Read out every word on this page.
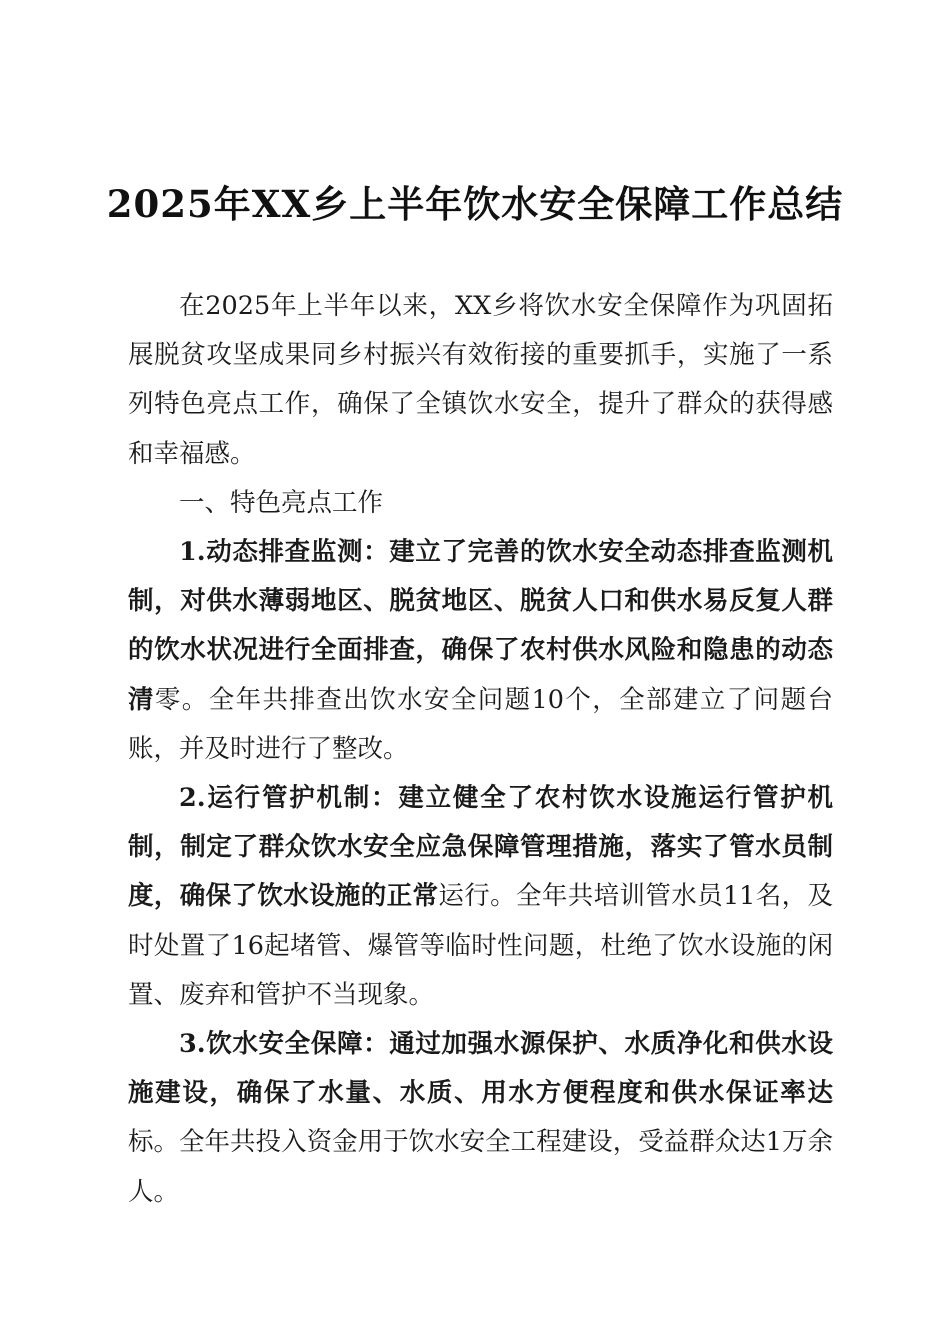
2025年XX乡上半年饮水安全保障工作总结

在2025年上半年以来，XX乡将饮水安全保障作为巩固拓展脱贫攻坚成果同乡村振兴有效衔接的重要抓手，实施了一系列特色亮点工作，确保了全镇饮水安全，提升了群众的获得感和幸福感。

一、特色亮点工作

1.动态排查监测：建立了完善的饮水安全动态排查监测机制，对供水薄弱地区、脱贫地区、脱贫人口和供水易反复人群的饮水状况进行全面排查，确保了农村供水风险和隐患的动态清零。全年共排查出饮水安全问题10个，全部建立了问题台账，并及时进行了整改。

2.运行管护机制：建立健全了农村饮水设施运行管护机制，制定了群众饮水安全应急保障管理措施，落实了管水员制度，确保了饮水设施的正常运行。全年共培训管水员11名，及时处置了16起堵管、爆管等临时性问题，杜绝了饮水设施的闲置、废弃和管护不当现象。

3.饮水安全保障：通过加强水源保护、水质净化和供水设施建设，确保了水量、水质、用水方便程度和供水保证率达标。全年共投入资金用于饮水安全工程建设，受益群众达1万余人。
